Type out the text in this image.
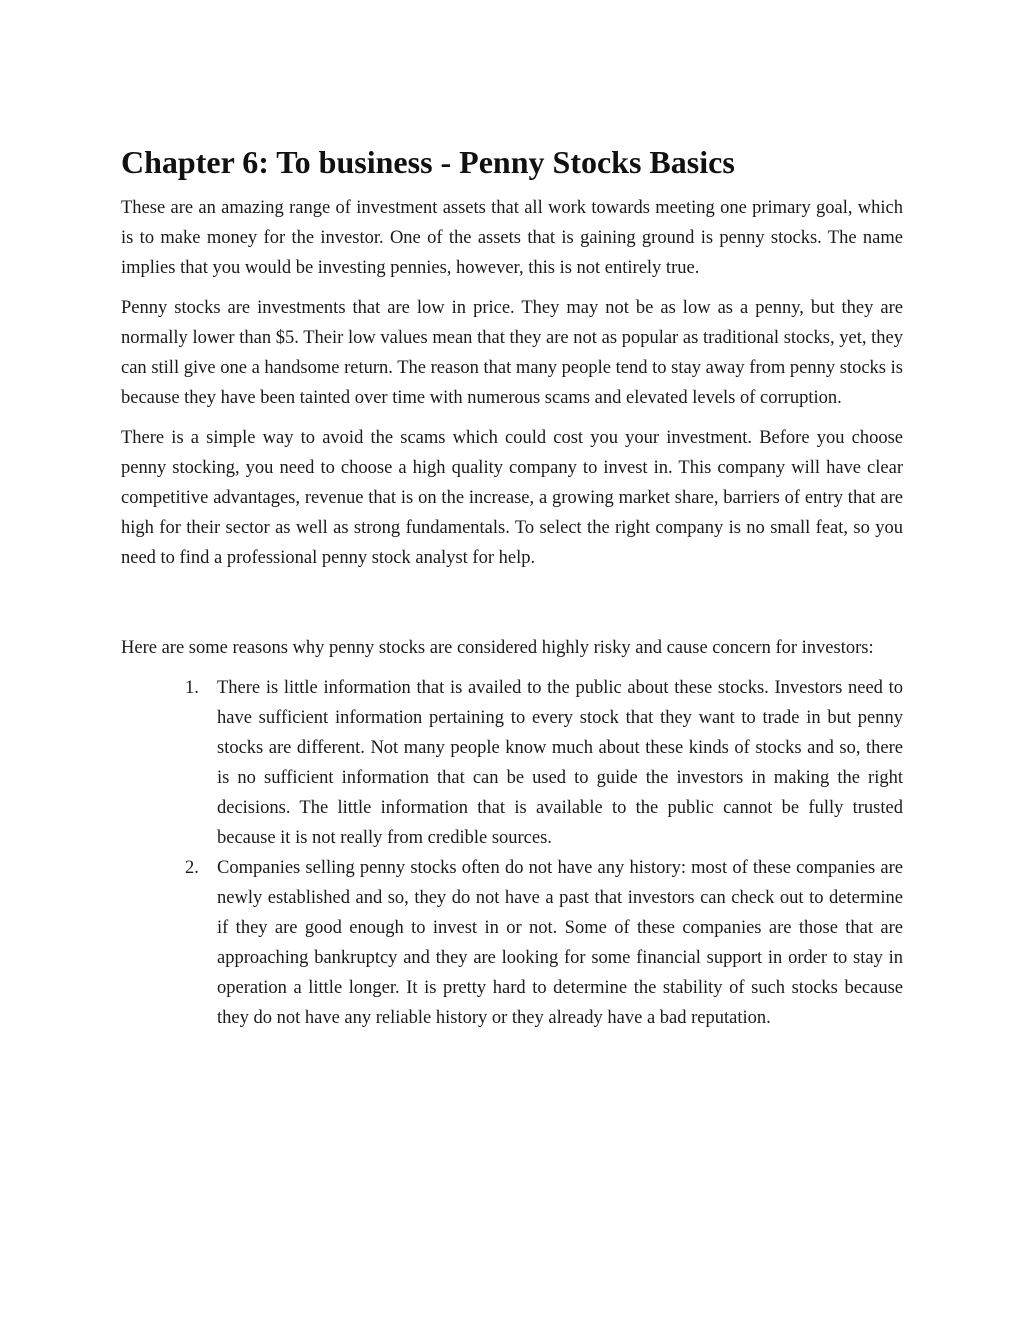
Chapter 6: To business - Penny Stocks Basics

These are an amazing range of investment assets that all work towards meeting one primary goal, which is to make money for the investor. One of the assets that is gaining ground is penny stocks. The name implies that you would be investing pennies, however, this is not entirely true.

Penny stocks are investments that are low in price. They may not be as low as a penny, but they are normally lower than $5. Their low values mean that they are not as popular as traditional stocks, yet, they can still give one a handsome return. The reason that many people tend to stay away from penny stocks is because they have been tainted over time with numerous scams and elevated levels of corruption.

There is a simple way to avoid the scams which could cost you your investment. Before you choose penny stocking, you need to choose a high quality company to invest in. This company will have clear competitive advantages, revenue that is on the increase, a growing market share, barriers of entry that are high for their sector as well as strong fundamentals. To select the right company is no small feat, so you need to find a professional penny stock analyst for help.

Here are some reasons why penny stocks are considered highly risky and cause concern for investors:

1. There is little information that is availed to the public about these stocks. Investors need to have sufficient information pertaining to every stock that they want to trade in but penny stocks are different. Not many people know much about these kinds of stocks and so, there is no sufficient information that can be used to guide the investors in making the right decisions. The little information that is available to the public cannot be fully trusted because it is not really from credible sources.
2. Companies selling penny stocks often do not have any history: most of these companies are newly established and so, they do not have a past that investors can check out to determine if they are good enough to invest in or not. Some of these companies are those that are approaching bankruptcy and they are looking for some financial support in order to stay in operation a little longer. It is pretty hard to determine the stability of such stocks because they do not have any reliable history or they already have a bad reputation.
